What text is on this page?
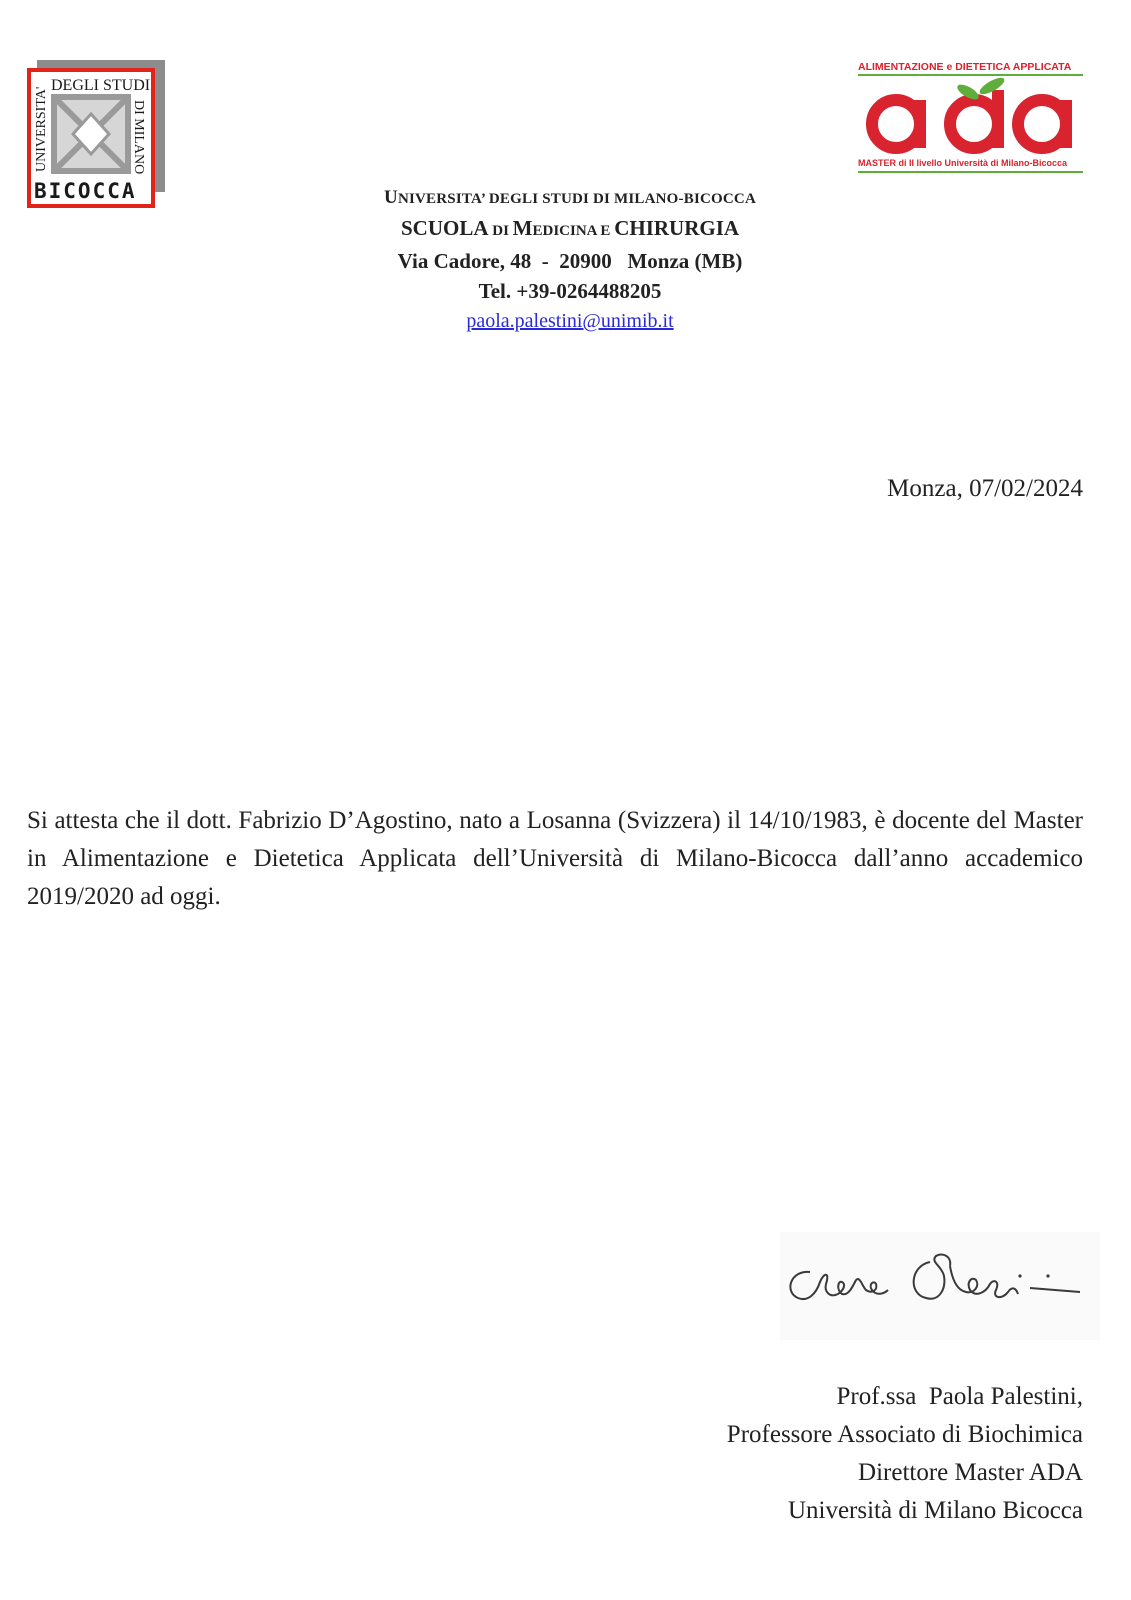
DEGLI STUDI
UNIVERSITA'	DI MILANO
BICOCCA
ALIMENTAZIONE e DIETETICA APPLICATA
MASTER di II livello Università di Milano-Bicocca
UNIVERSITA’ DEGLI STUDI DI MILANO-BICOCCA
SCUOLA DI MEDICINA E CHIRURGIA
Via Cadore, 48  -  20900   Monza (MB)
Tel. +39-0264488205
paola.palestini@unimib.it
Monza, 07/02/2024
Si attesta che il dott. Fabrizio D’Agostino, nato a Losanna (Svizzera) il 14/10/1983, è docente del Master in Alimentazione e Dietetica Applicata dell’Università di Milano-Bicocca dall’anno accademico 2019/2020 ad oggi.
Prof.ssa  Paola Palestini,
Professore Associato di Biochimica
Direttore Master ADA
Università di Milano Bicocca
